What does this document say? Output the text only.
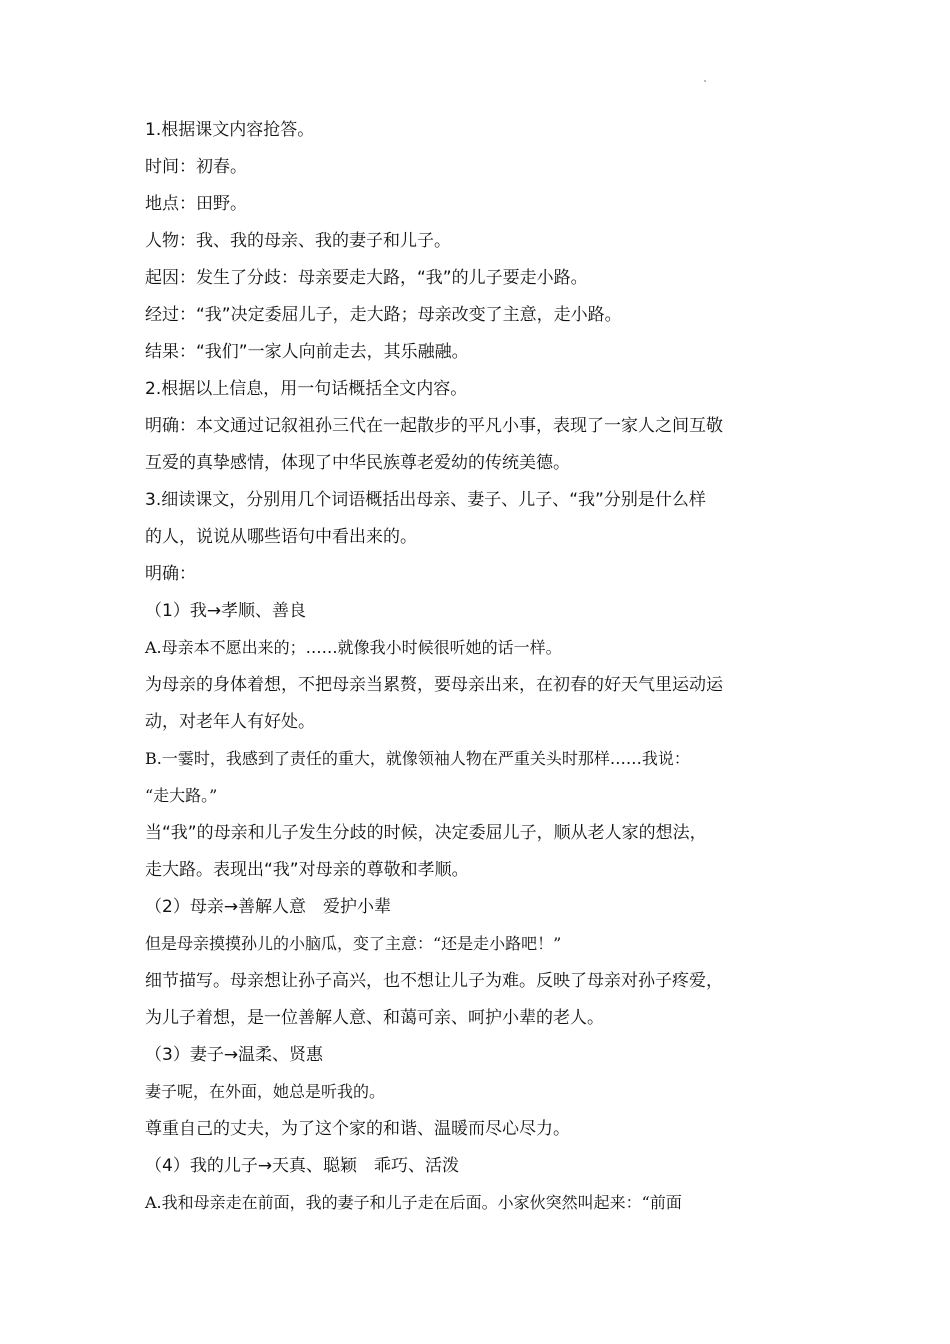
1.根据课文内容抢答。

时间：初春。

地点：田野。

人物：我、我的母亲、我的妻子和儿子。

起因：发生了分歧：母亲要走大路，“我”的儿子要走小路。

经过：“我”决定委屈儿子，走大路；母亲改变了主意，走小路。

结果：“我们”一家人向前走去，其乐融融。

2.根据以上信息，用一句话概括全文内容。

明确：本文通过记叙祖孙三代在一起散步的平凡小事，表现了一家人之间互敬

互爱的真挚感情，体现了中华民族尊老爱幼的传统美德。

3.细读课文，分别用几个词语概括出母亲、妻子、儿子、“我”分别是什么样

的人，说说从哪些语句中看出来的。

明确：

（1）我→孝顺、善良

A.母亲本不愿出来的；……就像我小时候很听她的话一样。

为母亲的身体着想，不把母亲当累赘，要母亲出来，在初春的好天气里运动运

动，对老年人有好处。

B.一霎时，我感到了责任的重大，就像领袖人物在严重关头时那样……我说：

“走大路。”

当“我”的母亲和儿子发生分歧的时候，决定委屈儿子，顺从老人家的想法，

走大路。表现出“我”对母亲的尊敬和孝顺。

（2）母亲→善解人意　爱护小辈

但是母亲摸摸孙儿的小脑瓜，变了主意：“还是走小路吧！”

细节描写。母亲想让孙子高兴，也不想让儿子为难。反映了母亲对孙子疼爱，

为儿子着想，是一位善解人意、和蔼可亲、呵护小辈的老人。

（3）妻子→温柔、贤惠

妻子呢，在外面，她总是听我的。

尊重自己的丈夫，为了这个家的和谐、温暖而尽心尽力。

（4）我的儿子→天真、聪颖　乖巧、活泼

A.我和母亲走在前面，我的妻子和儿子走在后面。小家伙突然叫起来：“前面
